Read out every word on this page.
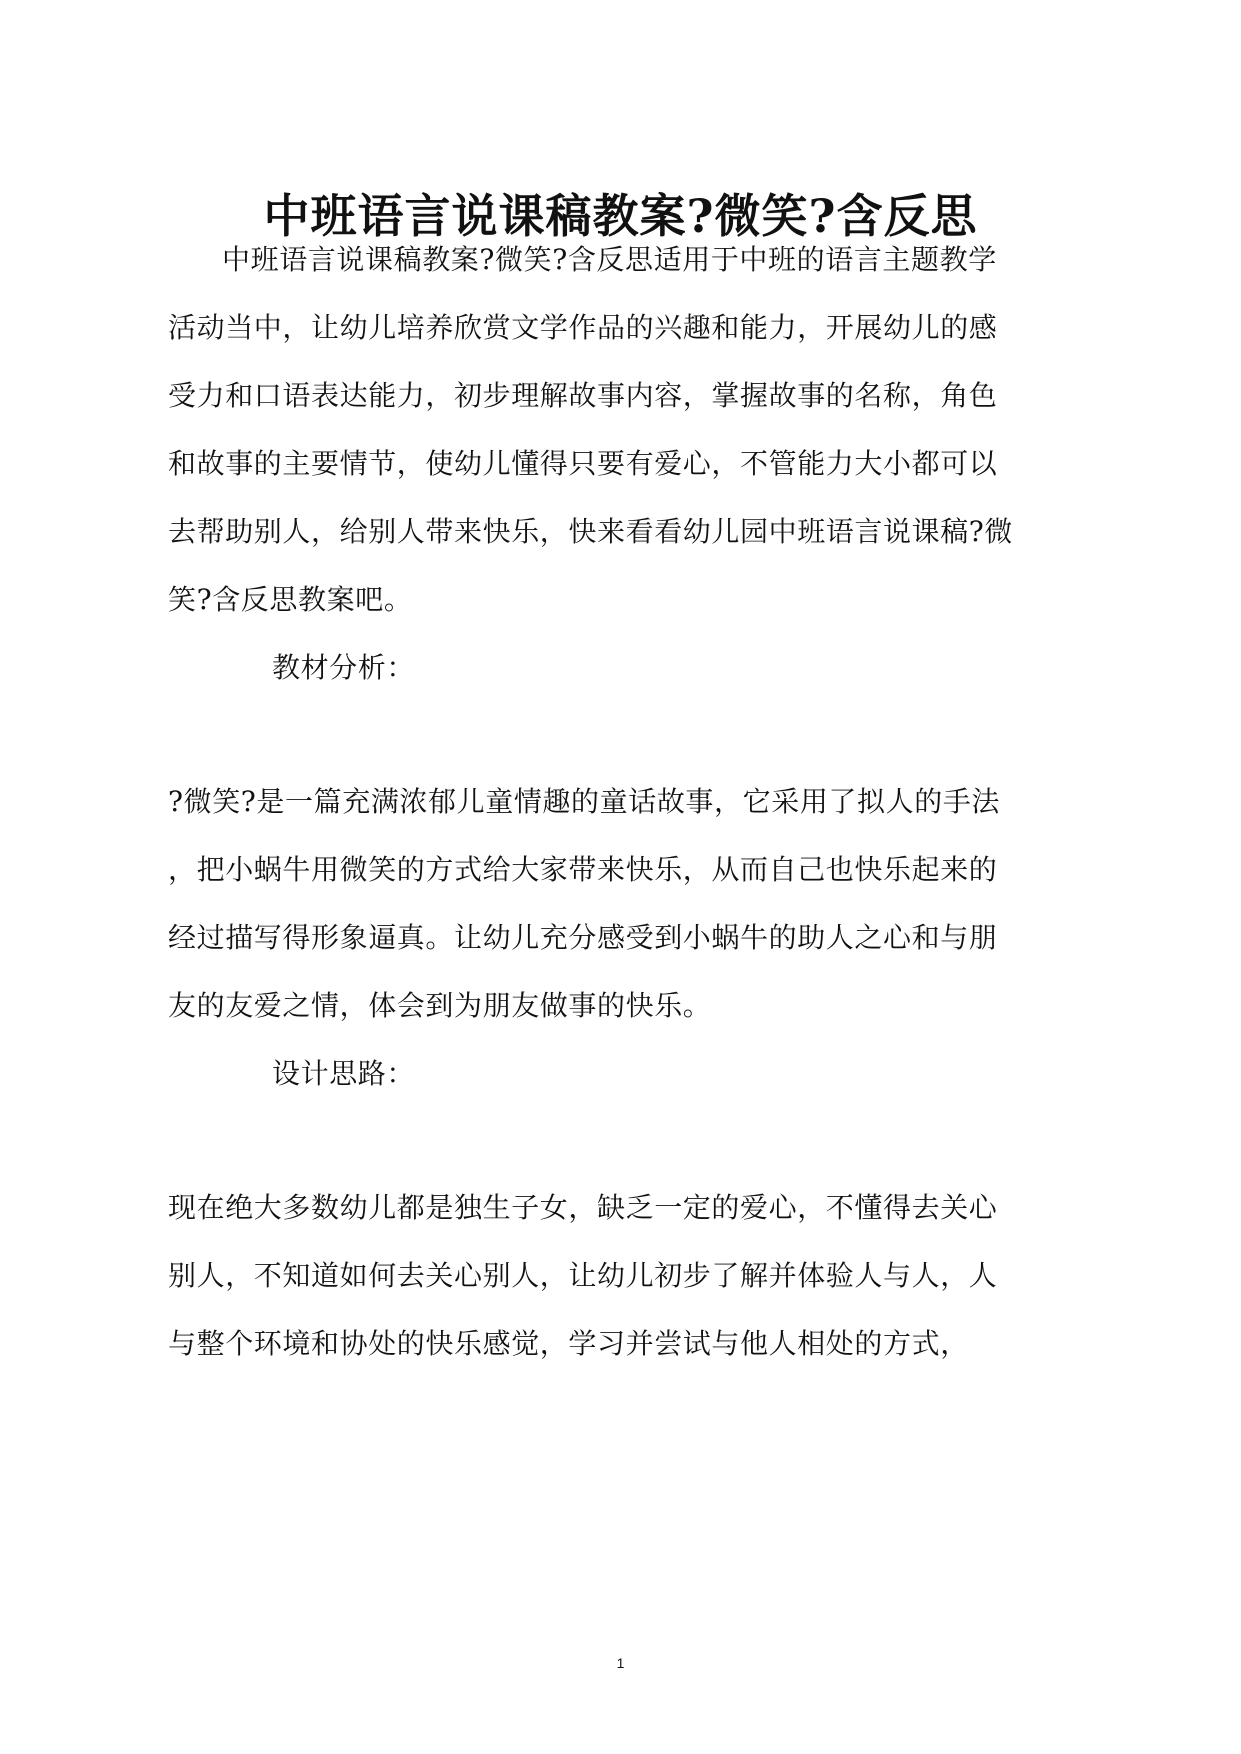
中班语言说课稿教案?微笑?含反思
中班语言说课稿教案?微笑?含反思适用于中班的语言主题教学
活动当中，让幼儿培养欣赏文学作品的兴趣和能力，开展幼儿的感
受力和口语表达能力，初步理解故事内容，掌握故事的名称，角色
和故事的主要情节，使幼儿懂得只要有爱心，不管能力大小都可以
去帮助别人，给别人带来快乐，快来看看幼儿园中班语言说课稿?微
笑?含反思教案吧。
教材分析：
?微笑?是一篇充满浓郁儿童情趣的童话故事，它采用了拟人的手法
，把小蜗牛用微笑的方式给大家带来快乐，从而自己也快乐起来的
经过描写得形象逼真。让幼儿充分感受到小蜗牛的助人之心和与朋
友的友爱之情，体会到为朋友做事的快乐。
设计思路：
现在绝大多数幼儿都是独生子女，缺乏一定的爱心，不懂得去关心
别人，不知道如何去关心别人，让幼儿初步了解并体验人与人，人
与整个环境和协处的快乐感觉，学习并尝试与他人相处的方式，
1
